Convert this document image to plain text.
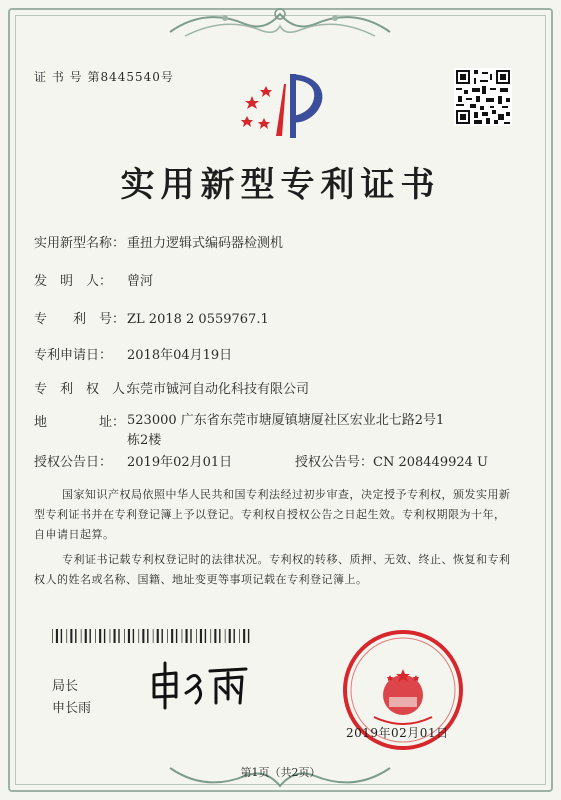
证 书 号 第8445540号
实用新型专利证书
实用新型名称： 重扭力逻辑式编码器检测机
发　明　人： 曾河
专　　利　号： ZL 2018 2 0559767.1
专利申请日： 2018年04月19日
专　利　权　人：东莞市铖河自动化科技有限公司
地　　　　址： 523000 广东省东莞市塘厦镇塘厦社区宏业北七路2号1栋2楼
授权公告日： 2019年02月01日	授权公告号：CN 208449924 U
国家知识产权局依照中华人民共和国专利法经过初步审查，决定授予专利权，颁发实用新型专利证书并在专利登记簿上予以登记。专利权自授权公告之日起生效。专利权期限为十年，自申请日起算。
专利证书记载专利权登记时的法律状况。专利权的转移、质押、无效、终止、恢复和专利权人的姓名或名称、国籍、地址变更等事项记载在专利登记簿上。
局长
申长雨
2019年02月01日
第1页（共2页）
